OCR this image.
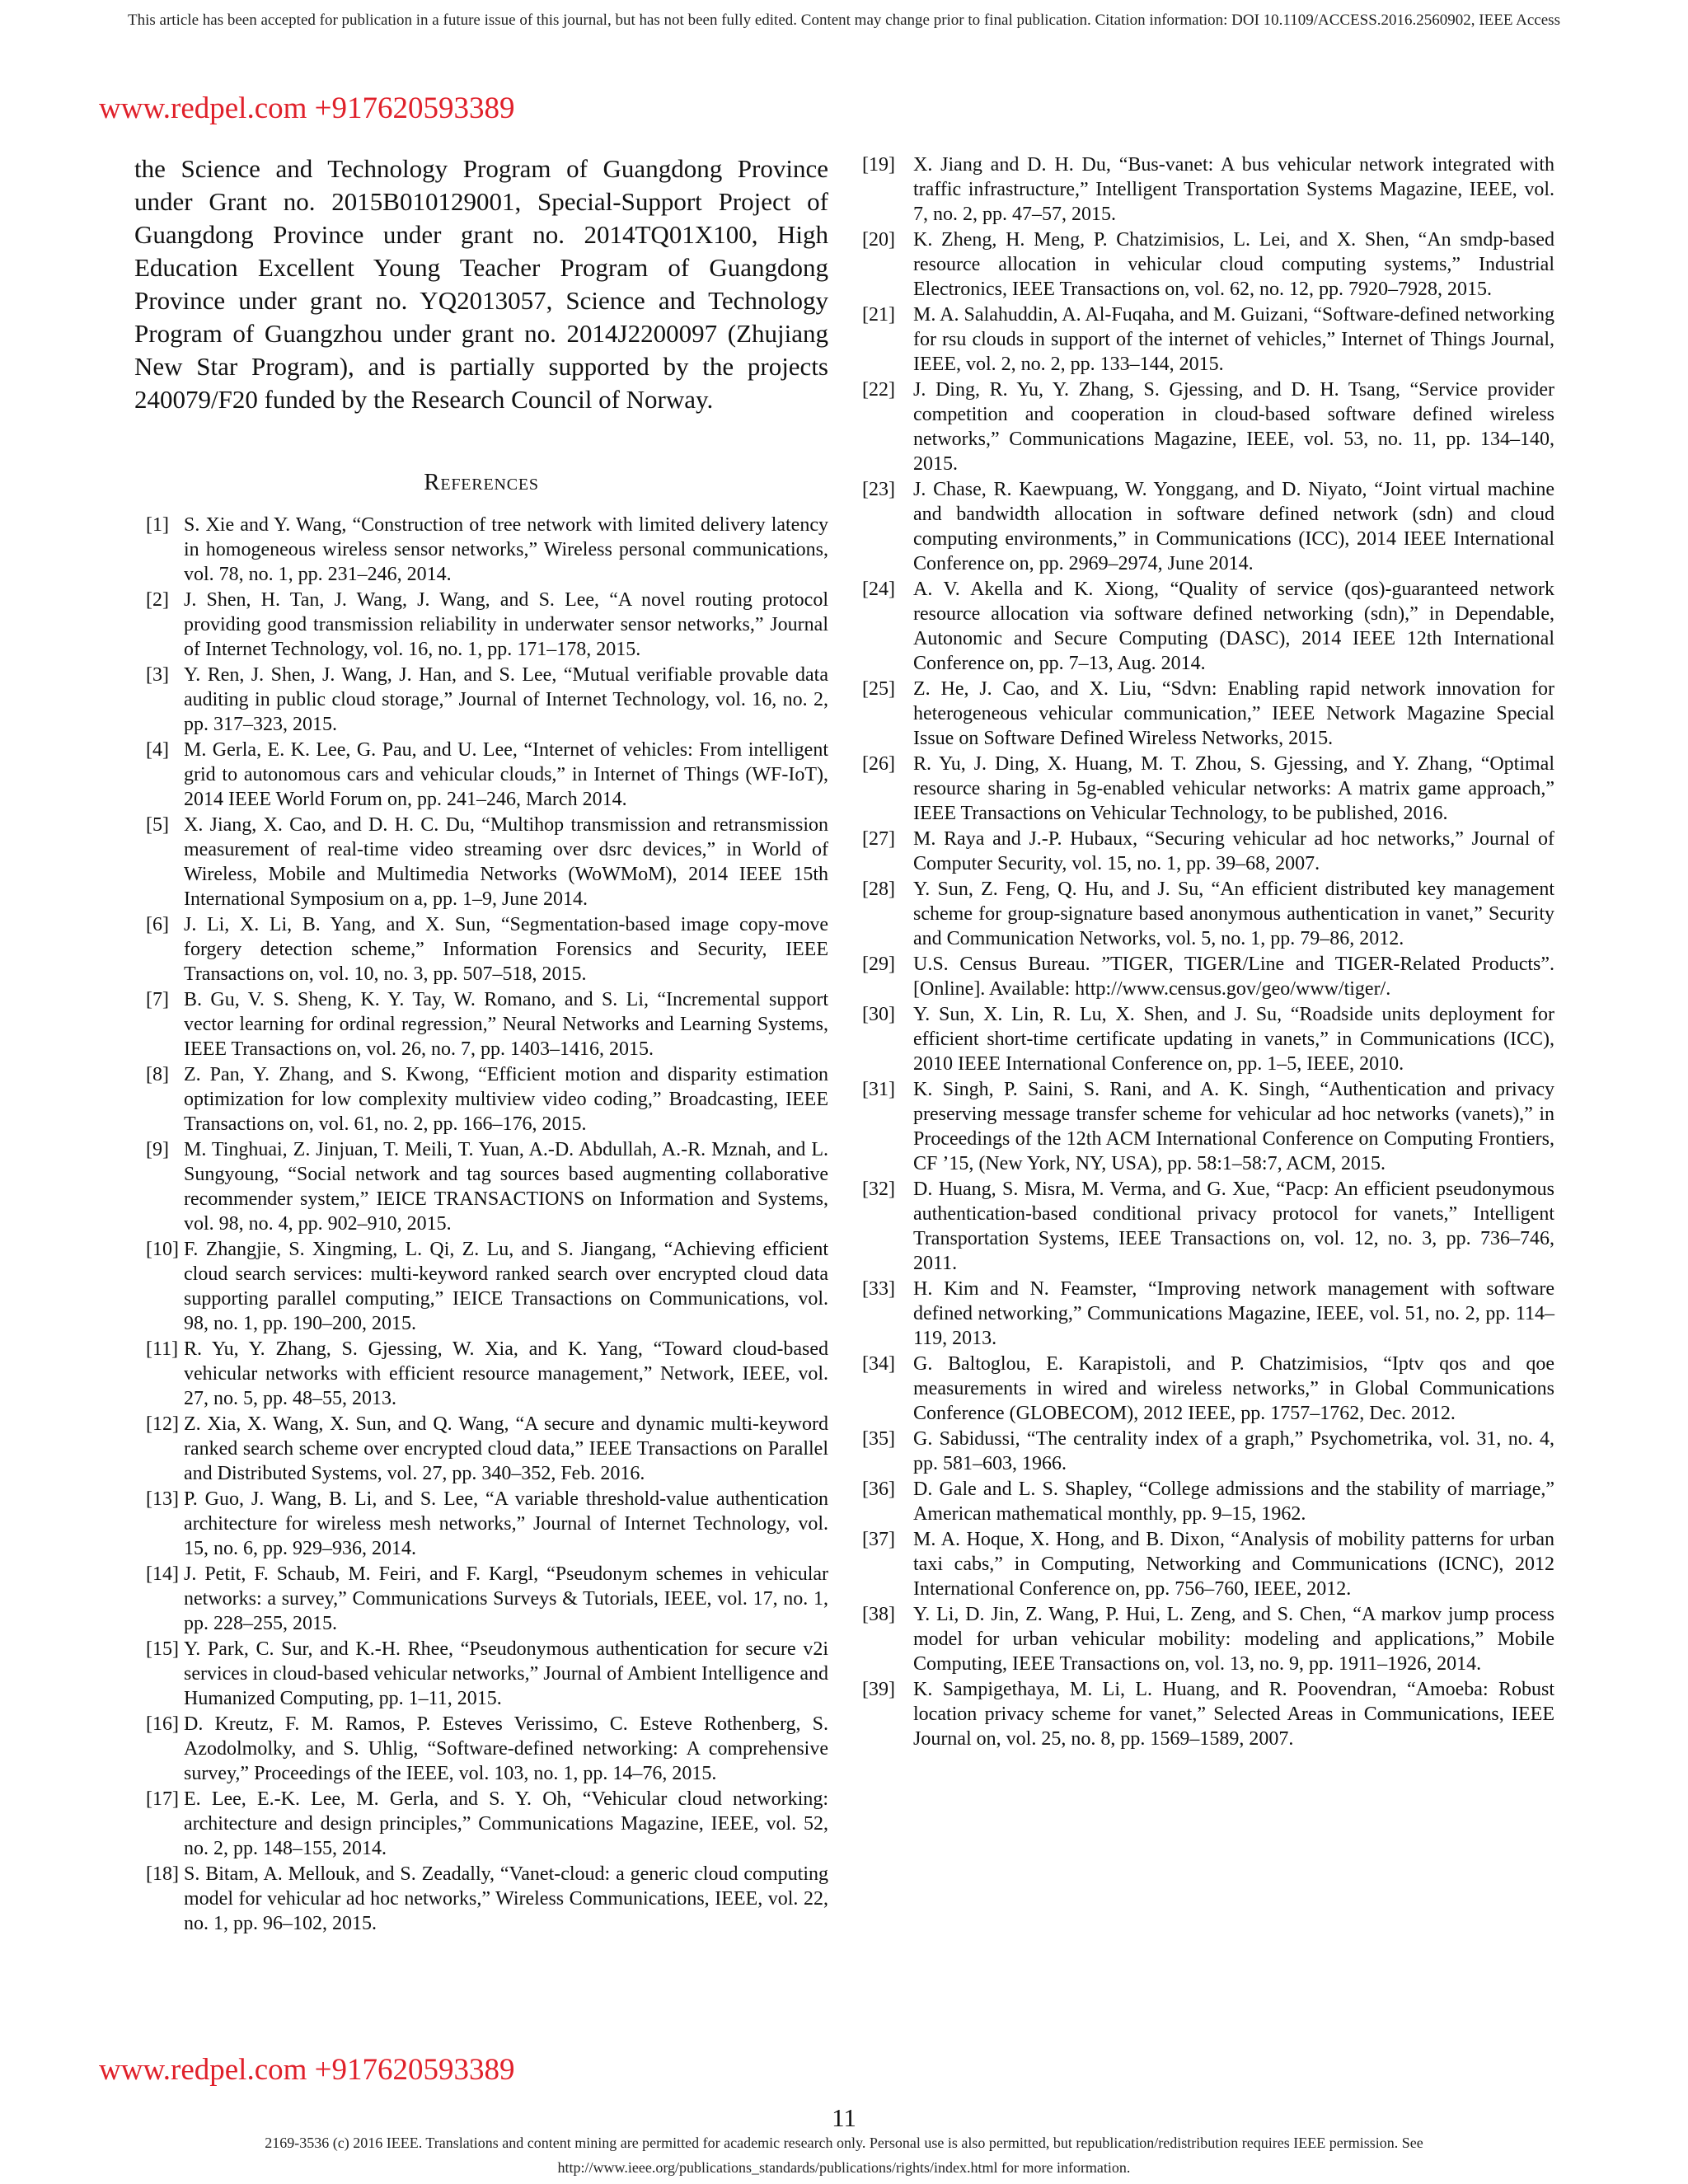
This article has been accepted for publication in a future issue of this journal, but has not been fully edited. Content may change prior to final publication. Citation information: DOI 10.1109/ACCESS.2016.2560902, IEEE Access
www.redpel.com +917620593389

the Science and Technology Program of Guangdong Province under Grant no. 2015B010129001, Special-Support Project of Guangdong Province under grant no. 2014TQ01X100, High Education Excellent Young Teacher Program of Guangdong Province under grant no. YQ2013057, Science and Technology Program of Guangzhou under grant no. 2014J2200097 (Zhujiang New Star Program), and is partially supported by the projects 240079/F20 funded by the Research Council of Norway.

References
[1] S. Xie and Y. Wang, “Construction of tree network with limited delivery latency in homogeneous wireless sensor networks,” Wireless personal communications, vol. 78, no. 1, pp. 231–246, 2014.
[2] J. Shen, H. Tan, J. Wang, J. Wang, and S. Lee, “A novel routing protocol providing good transmission reliability in underwater sensor networks,” Journal of Internet Technology, vol. 16, no. 1, pp. 171–178, 2015.
[3] Y. Ren, J. Shen, J. Wang, J. Han, and S. Lee, “Mutual verifiable provable data auditing in public cloud storage,” Journal of Internet Technology, vol. 16, no. 2, pp. 317–323, 2015.
[4] M. Gerla, E. K. Lee, G. Pau, and U. Lee, “Internet of vehicles: From intelligent grid to autonomous cars and vehicular clouds,” in Internet of Things (WF-IoT), 2014 IEEE World Forum on, pp. 241–246, March 2014.
[5] X. Jiang, X. Cao, and D. H. C. Du, “Multihop transmission and retransmission measurement of real-time video streaming over dsrc devices,” in World of Wireless, Mobile and Multimedia Networks (WoWMoM), 2014 IEEE 15th International Symposium on a, pp. 1–9, June 2014.
[6] J. Li, X. Li, B. Yang, and X. Sun, “Segmentation-based image copy-move forgery detection scheme,” Information Forensics and Security, IEEE Transactions on, vol. 10, no. 3, pp. 507–518, 2015.
[7] B. Gu, V. S. Sheng, K. Y. Tay, W. Romano, and S. Li, “Incremental support vector learning for ordinal regression,” Neural Networks and Learning Systems, IEEE Transactions on, vol. 26, no. 7, pp. 1403–1416, 2015.
[8] Z. Pan, Y. Zhang, and S. Kwong, “Efficient motion and disparity estimation optimization for low complexity multiview video coding,” Broadcasting, IEEE Transactions on, vol. 61, no. 2, pp. 166–176, 2015.
[9] M. Tinghuai, Z. Jinjuan, T. Meili, T. Yuan, A.-D. Abdullah, A.-R. Mznah, and L. Sungyoung, “Social network and tag sources based augmenting collaborative recommender system,” IEICE TRANSACTIONS on Information and Systems, vol. 98, no. 4, pp. 902–910, 2015.
[10] F. Zhangjie, S. Xingming, L. Qi, Z. Lu, and S. Jiangang, “Achieving efficient cloud search services: multi-keyword ranked search over encrypted cloud data supporting parallel computing,” IEICE Transactions on Communications, vol. 98, no. 1, pp. 190–200, 2015.
[11] R. Yu, Y. Zhang, S. Gjessing, W. Xia, and K. Yang, “Toward cloud-based vehicular networks with efficient resource management,” Network, IEEE, vol. 27, no. 5, pp. 48–55, 2013.
[12] Z. Xia, X. Wang, X. Sun, and Q. Wang, “A secure and dynamic multi-keyword ranked search scheme over encrypted cloud data,” IEEE Transactions on Parallel and Distributed Systems, vol. 27, pp. 340–352, Feb. 2016.
[13] P. Guo, J. Wang, B. Li, and S. Lee, “A variable threshold-value authentication architecture for wireless mesh networks,” Journal of Internet Technology, vol. 15, no. 6, pp. 929–936, 2014.
[14] J. Petit, F. Schaub, M. Feiri, and F. Kargl, “Pseudonym schemes in vehicular networks: a survey,” Communications Surveys & Tutorials, IEEE, vol. 17, no. 1, pp. 228–255, 2015.
[15] Y. Park, C. Sur, and K.-H. Rhee, “Pseudonymous authentication for secure v2i services in cloud-based vehicular networks,” Journal of Ambient Intelligence and Humanized Computing, pp. 1–11, 2015.
[16] D. Kreutz, F. M. Ramos, P. Esteves Verissimo, C. Esteve Rothenberg, S. Azodolmolky, and S. Uhlig, “Software-defined networking: A comprehensive survey,” Proceedings of the IEEE, vol. 103, no. 1, pp. 14–76, 2015.
[17] E. Lee, E.-K. Lee, M. Gerla, and S. Y. Oh, “Vehicular cloud networking: architecture and design principles,” Communications Magazine, IEEE, vol. 52, no. 2, pp. 148–155, 2014.
[18] S. Bitam, A. Mellouk, and S. Zeadally, “Vanet-cloud: a generic cloud computing model for vehicular ad hoc networks,” Wireless Communications, IEEE, vol. 22, no. 1, pp. 96–102, 2015.
[19] X. Jiang and D. H. Du, “Bus-vanet: A bus vehicular network integrated with traffic infrastructure,” Intelligent Transportation Systems Magazine, IEEE, vol. 7, no. 2, pp. 47–57, 2015.
[20] K. Zheng, H. Meng, P. Chatzimisios, L. Lei, and X. Shen, “An smdp-based resource allocation in vehicular cloud computing systems,” Industrial Electronics, IEEE Transactions on, vol. 62, no. 12, pp. 7920–7928, 2015.
[21] M. A. Salahuddin, A. Al-Fuqaha, and M. Guizani, “Software-defined networking for rsu clouds in support of the internet of vehicles,” Internet of Things Journal, IEEE, vol. 2, no. 2, pp. 133–144, 2015.
[22] J. Ding, R. Yu, Y. Zhang, S. Gjessing, and D. H. Tsang, “Service provider competition and cooperation in cloud-based software defined wireless networks,” Communications Magazine, IEEE, vol. 53, no. 11, pp. 134–140, 2015.
[23] J. Chase, R. Kaewpuang, W. Yonggang, and D. Niyato, “Joint virtual machine and bandwidth allocation in software defined network (sdn) and cloud computing environments,” in Communications (ICC), 2014 IEEE International Conference on, pp. 2969–2974, June 2014.
[24] A. V. Akella and K. Xiong, “Quality of service (qos)-guaranteed network resource allocation via software defined networking (sdn),” in Dependable, Autonomic and Secure Computing (DASC), 2014 IEEE 12th International Conference on, pp. 7–13, Aug. 2014.
[25] Z. He, J. Cao, and X. Liu, “Sdvn: Enabling rapid network innovation for heterogeneous vehicular communication,” IEEE Network Magazine Special Issue on Software Defined Wireless Networks, 2015.
[26] R. Yu, J. Ding, X. Huang, M. T. Zhou, S. Gjessing, and Y. Zhang, “Optimal resource sharing in 5g-enabled vehicular networks: A matrix game approach,” IEEE Transactions on Vehicular Technology, to be published, 2016.
[27] M. Raya and J.-P. Hubaux, “Securing vehicular ad hoc networks,” Journal of Computer Security, vol. 15, no. 1, pp. 39–68, 2007.
[28] Y. Sun, Z. Feng, Q. Hu, and J. Su, “An efficient distributed key management scheme for group-signature based anonymous authentication in vanet,” Security and Communication Networks, vol. 5, no. 1, pp. 79–86, 2012.
[29] U.S. Census Bureau. ”TIGER, TIGER/Line and TIGER-Related Products”. [Online]. Available: http://www.census.gov/geo/www/tiger/.
[30] Y. Sun, X. Lin, R. Lu, X. Shen, and J. Su, “Roadside units deployment for efficient short-time certificate updating in vanets,” in Communications (ICC), 2010 IEEE International Conference on, pp. 1–5, IEEE, 2010.
[31] K. Singh, P. Saini, S. Rani, and A. K. Singh, “Authentication and privacy preserving message transfer scheme for vehicular ad hoc networks (vanets),” in Proceedings of the 12th ACM International Conference on Computing Frontiers, CF ’15, (New York, NY, USA), pp. 58:1–58:7, ACM, 2015.
[32] D. Huang, S. Misra, M. Verma, and G. Xue, “Pacp: An efficient pseudonymous authentication-based conditional privacy protocol for vanets,” Intelligent Transportation Systems, IEEE Transactions on, vol. 12, no. 3, pp. 736–746, 2011.
[33] H. Kim and N. Feamster, “Improving network management with software defined networking,” Communications Magazine, IEEE, vol. 51, no. 2, pp. 114–119, 2013.
[34] G. Baltoglou, E. Karapistoli, and P. Chatzimisios, “Iptv qos and qoe measurements in wired and wireless networks,” in Global Communications Conference (GLOBECOM), 2012 IEEE, pp. 1757–1762, Dec. 2012.
[35] G. Sabidussi, “The centrality index of a graph,” Psychometrika, vol. 31, no. 4, pp. 581–603, 1966.
[36] D. Gale and L. S. Shapley, “College admissions and the stability of marriage,” American mathematical monthly, pp. 9–15, 1962.
[37] M. A. Hoque, X. Hong, and B. Dixon, “Analysis of mobility patterns for urban taxi cabs,” in Computing, Networking and Communications (ICNC), 2012 International Conference on, pp. 756–760, IEEE, 2012.
[38] Y. Li, D. Jin, Z. Wang, P. Hui, L. Zeng, and S. Chen, “A markov jump process model for urban vehicular mobility: modeling and applications,” Mobile Computing, IEEE Transactions on, vol. 13, no. 9, pp. 1911–1926, 2014.
[39] K. Sampigethaya, M. Li, L. Huang, and R. Poovendran, “Amoeba: Robust location privacy scheme for vanet,” Selected Areas in Communications, IEEE Journal on, vol. 25, no. 8, pp. 1569–1589, 2007.
www.redpel.com +917620593389
11
2169-3536 (c) 2016 IEEE. Translations and content mining are permitted for academic research only. Personal use is also permitted, but republication/redistribution requires IEEE permission. See
http://www.ieee.org/publications_standards/publications/rights/index.html for more information.
